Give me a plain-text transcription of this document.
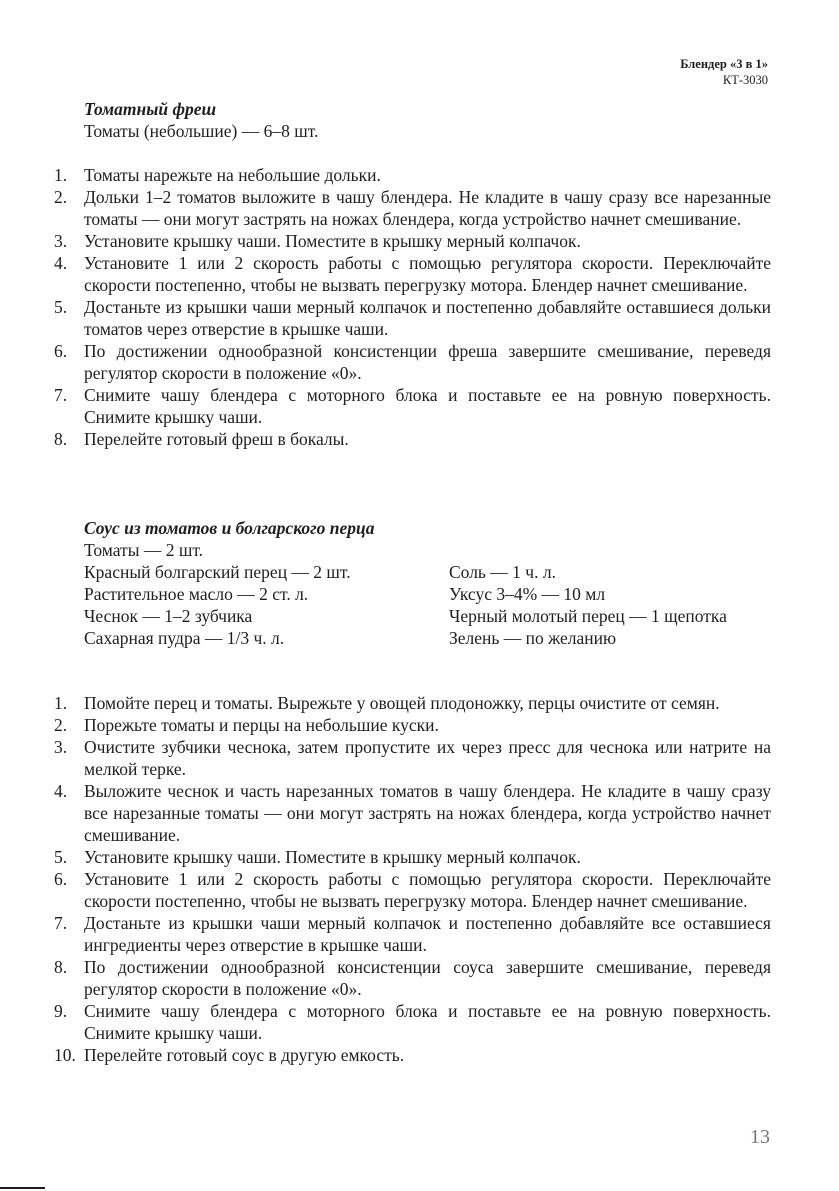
Блендер «3 в 1»
КТ-3030
Томатный фреш
Томаты (небольшие) — 6–8 шт.
1. Томаты нарежьте на небольшие дольки.
2. Дольки 1–2 томатов выложите в чашу блендера. Не кладите в чашу сразу все нарезанные томаты — они могут застрять на ножах блендера, когда устройство начнет смешивание.
3. Установите крышку чаши. Поместите в крышку мерный колпачок.
4. Установите 1 или 2 скорость работы с помощью регулятора скорости. Переключайте скорости постепенно, чтобы не вызвать перегрузку мотора. Блендер начнет смешивание.
5. Достаньте из крышки чаши мерный колпачок и постепенно добавляйте оставшиеся дольки томатов через отверстие в крышке чаши.
6. По достижении однообразной консистенции фреша завершите смешивание, переведя регулятор скорости в положение «0».
7. Снимите чашу блендера с моторного блока и поставьте ее на ровную поверхность. Снимите крышку чаши.
8. Перелейте готовый фреш в бокалы.
Соус из томатов и болгарского перца
Томаты — 2 шт.
Красный болгарский перец — 2 шт.
Растительное масло — 2 ст. л.
Чеснок — 1–2 зубчика
Сахарная пудра — 1/3 ч. л.
Соль — 1 ч. л.
Уксус 3–4% — 10 мл
Черный молотый перец — 1 щепотка
Зелень — по желанию
1. Помойте перец и томаты. Вырежьте у овощей плодоножку, перцы очистите от семян.
2. Порежьте томаты и перцы на небольшие куски.
3. Очистите зубчики чеснока, затем пропустите их через пресс для чеснока или натрите на мелкой терке.
4. Выложите чеснок и часть нарезанных томатов в чашу блендера. Не кладите в чашу сразу все нарезанные томаты — они могут застрять на ножах блендера, когда устройство начнет смешивание.
5. Установите крышку чаши. Поместите в крышку мерный колпачок.
6. Установите 1 или 2 скорость работы с помощью регулятора скорости. Переключайте скорости постепенно, чтобы не вызвать перегрузку мотора. Блендер начнет смешивание.
7. Достаньте из крышки чаши мерный колпачок и постепенно добавляйте все оставшиеся ингредиенты через отверстие в крышке чаши.
8. По достижении однообразной консистенции соуса завершите смешивание, переведя регулятор скорости в положение «0».
9. Снимите чашу блендера с моторного блока и поставьте ее на ровную поверхность. Снимите крышку чаши.
10. Перелейте готовый соус в другую емкость.
13
